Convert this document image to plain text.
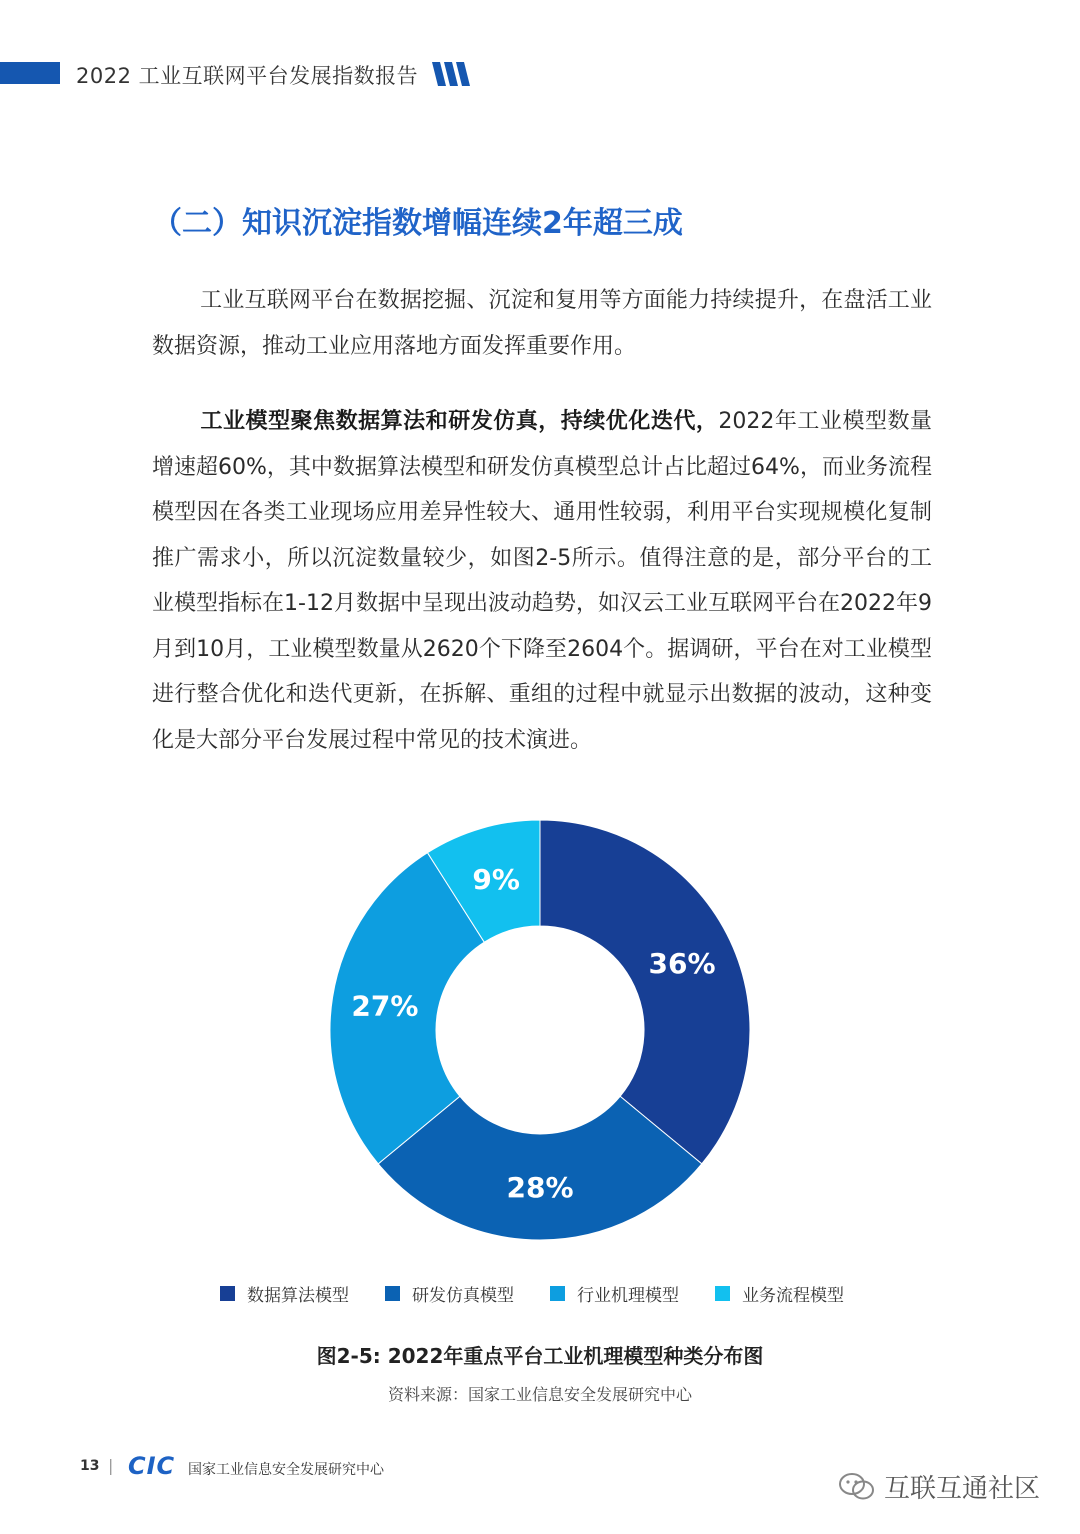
2022 工业互联网平台发展指数报告
（二）知识沉淀指数增幅连续2年超三成
工业互联网平台在数据挖掘、沉淀和复用等方面能力持续提升，在盘活工业数据资源，推动工业应用落地方面发挥重要作用。
工业模型聚焦数据算法和研发仿真，持续优化迭代，2022年工业模型数量增速超60%，其中数据算法模型和研发仿真模型总计占比超过64%，而业务流程模型因在各类工业现场应用差异性较大、通用性较弱，利用平台实现规模化复制推广需求小，所以沉淀数量较少，如图2-5所示。值得注意的是，部分平台的工业模型指标在1-12月数据中呈现出波动趋势，如汉云工业互联网平台在2022年9月到10月，工业模型数量从2620个下降至2604个。据调研，平台在对工业模型进行整合优化和迭代更新，在拆解、重组的过程中就显示出数据的波动，这种变化是大部分平台发展过程中常见的技术演进。
36%
28%
27%
9%
数据算法模型	研发仿真模型	行业机理模型	业务流程模型
图2-5: 2022年重点平台工业机理模型种类分布图
资料来源：国家工业信息安全发展研究中心
13 | CIC 国家工业信息安全发展研究中心
互联互通社区
